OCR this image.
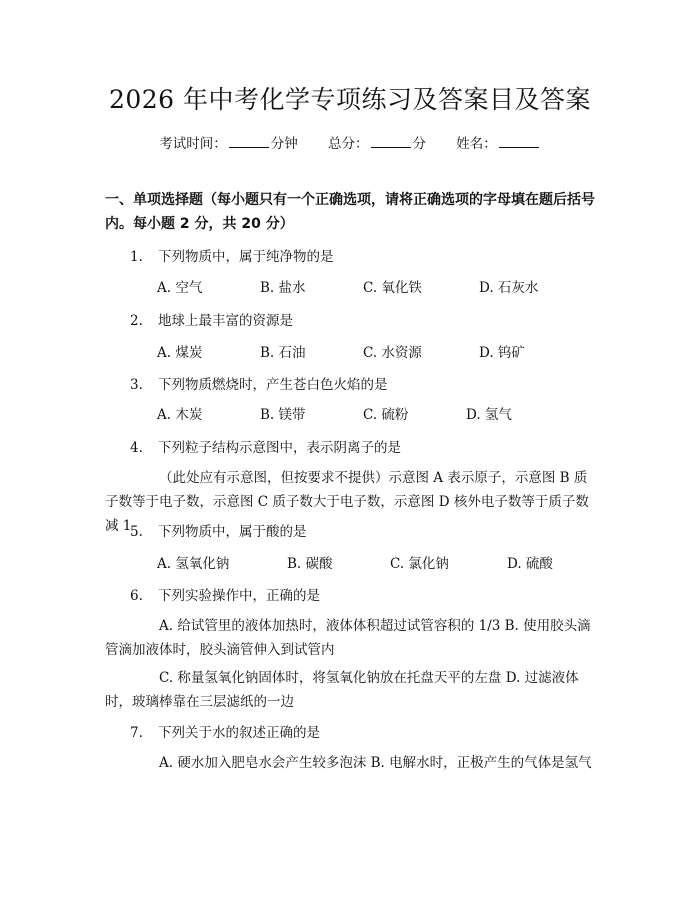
2026 年中考化学专项练习及答案目及答案
考试时间：	分钟 总分：	分 姓名：
一、单项选择题（每小题只有一个正确选项，请将正确选项的字母填在题后括号内。每小题 2 分，共 20 分）
1. 下列物质中，属于纯净物的是
A. 空气	B. 盐水	C. 氧化铁	D. 石灰水
2. 地球上最丰富的资源是
A. 煤炭	B. 石油	C. 水资源	D. 钨矿
3. 下列物质燃烧时，产生苍白色火焰的是
A. 木炭	B. 镁带	C. 硫粉	D. 氢气
4. 下列粒子结构示意图中，表示阴离子的是
（此处应有示意图，但按要求不提供）示意图 A 表示原子，示意图 B 质子数等于电子数，示意图 C 质子数大于电子数，示意图 D 核外电子数等于质子数减 1
5. 下列物质中，属于酸的是
A. 氢氧化钠	B. 碳酸	C. 氯化钠	D. 硫酸
6. 下列实验操作中，正确的是
A. 给试管里的液体加热时，液体体积超过试管容积的 1/3 B. 使用胶头滴管滴加液体时，胶头滴管伸入到试管内
C. 称量氢氧化钠固体时，将氢氧化钠放在托盘天平的左盘 D. 过滤液体时，玻璃棒靠在三层滤纸的一边
7. 下列关于水的叙述正确的是
A. 硬水加入肥皂水会产生较多泡沫 B. 电解水时，正极产生的气体是氢气
